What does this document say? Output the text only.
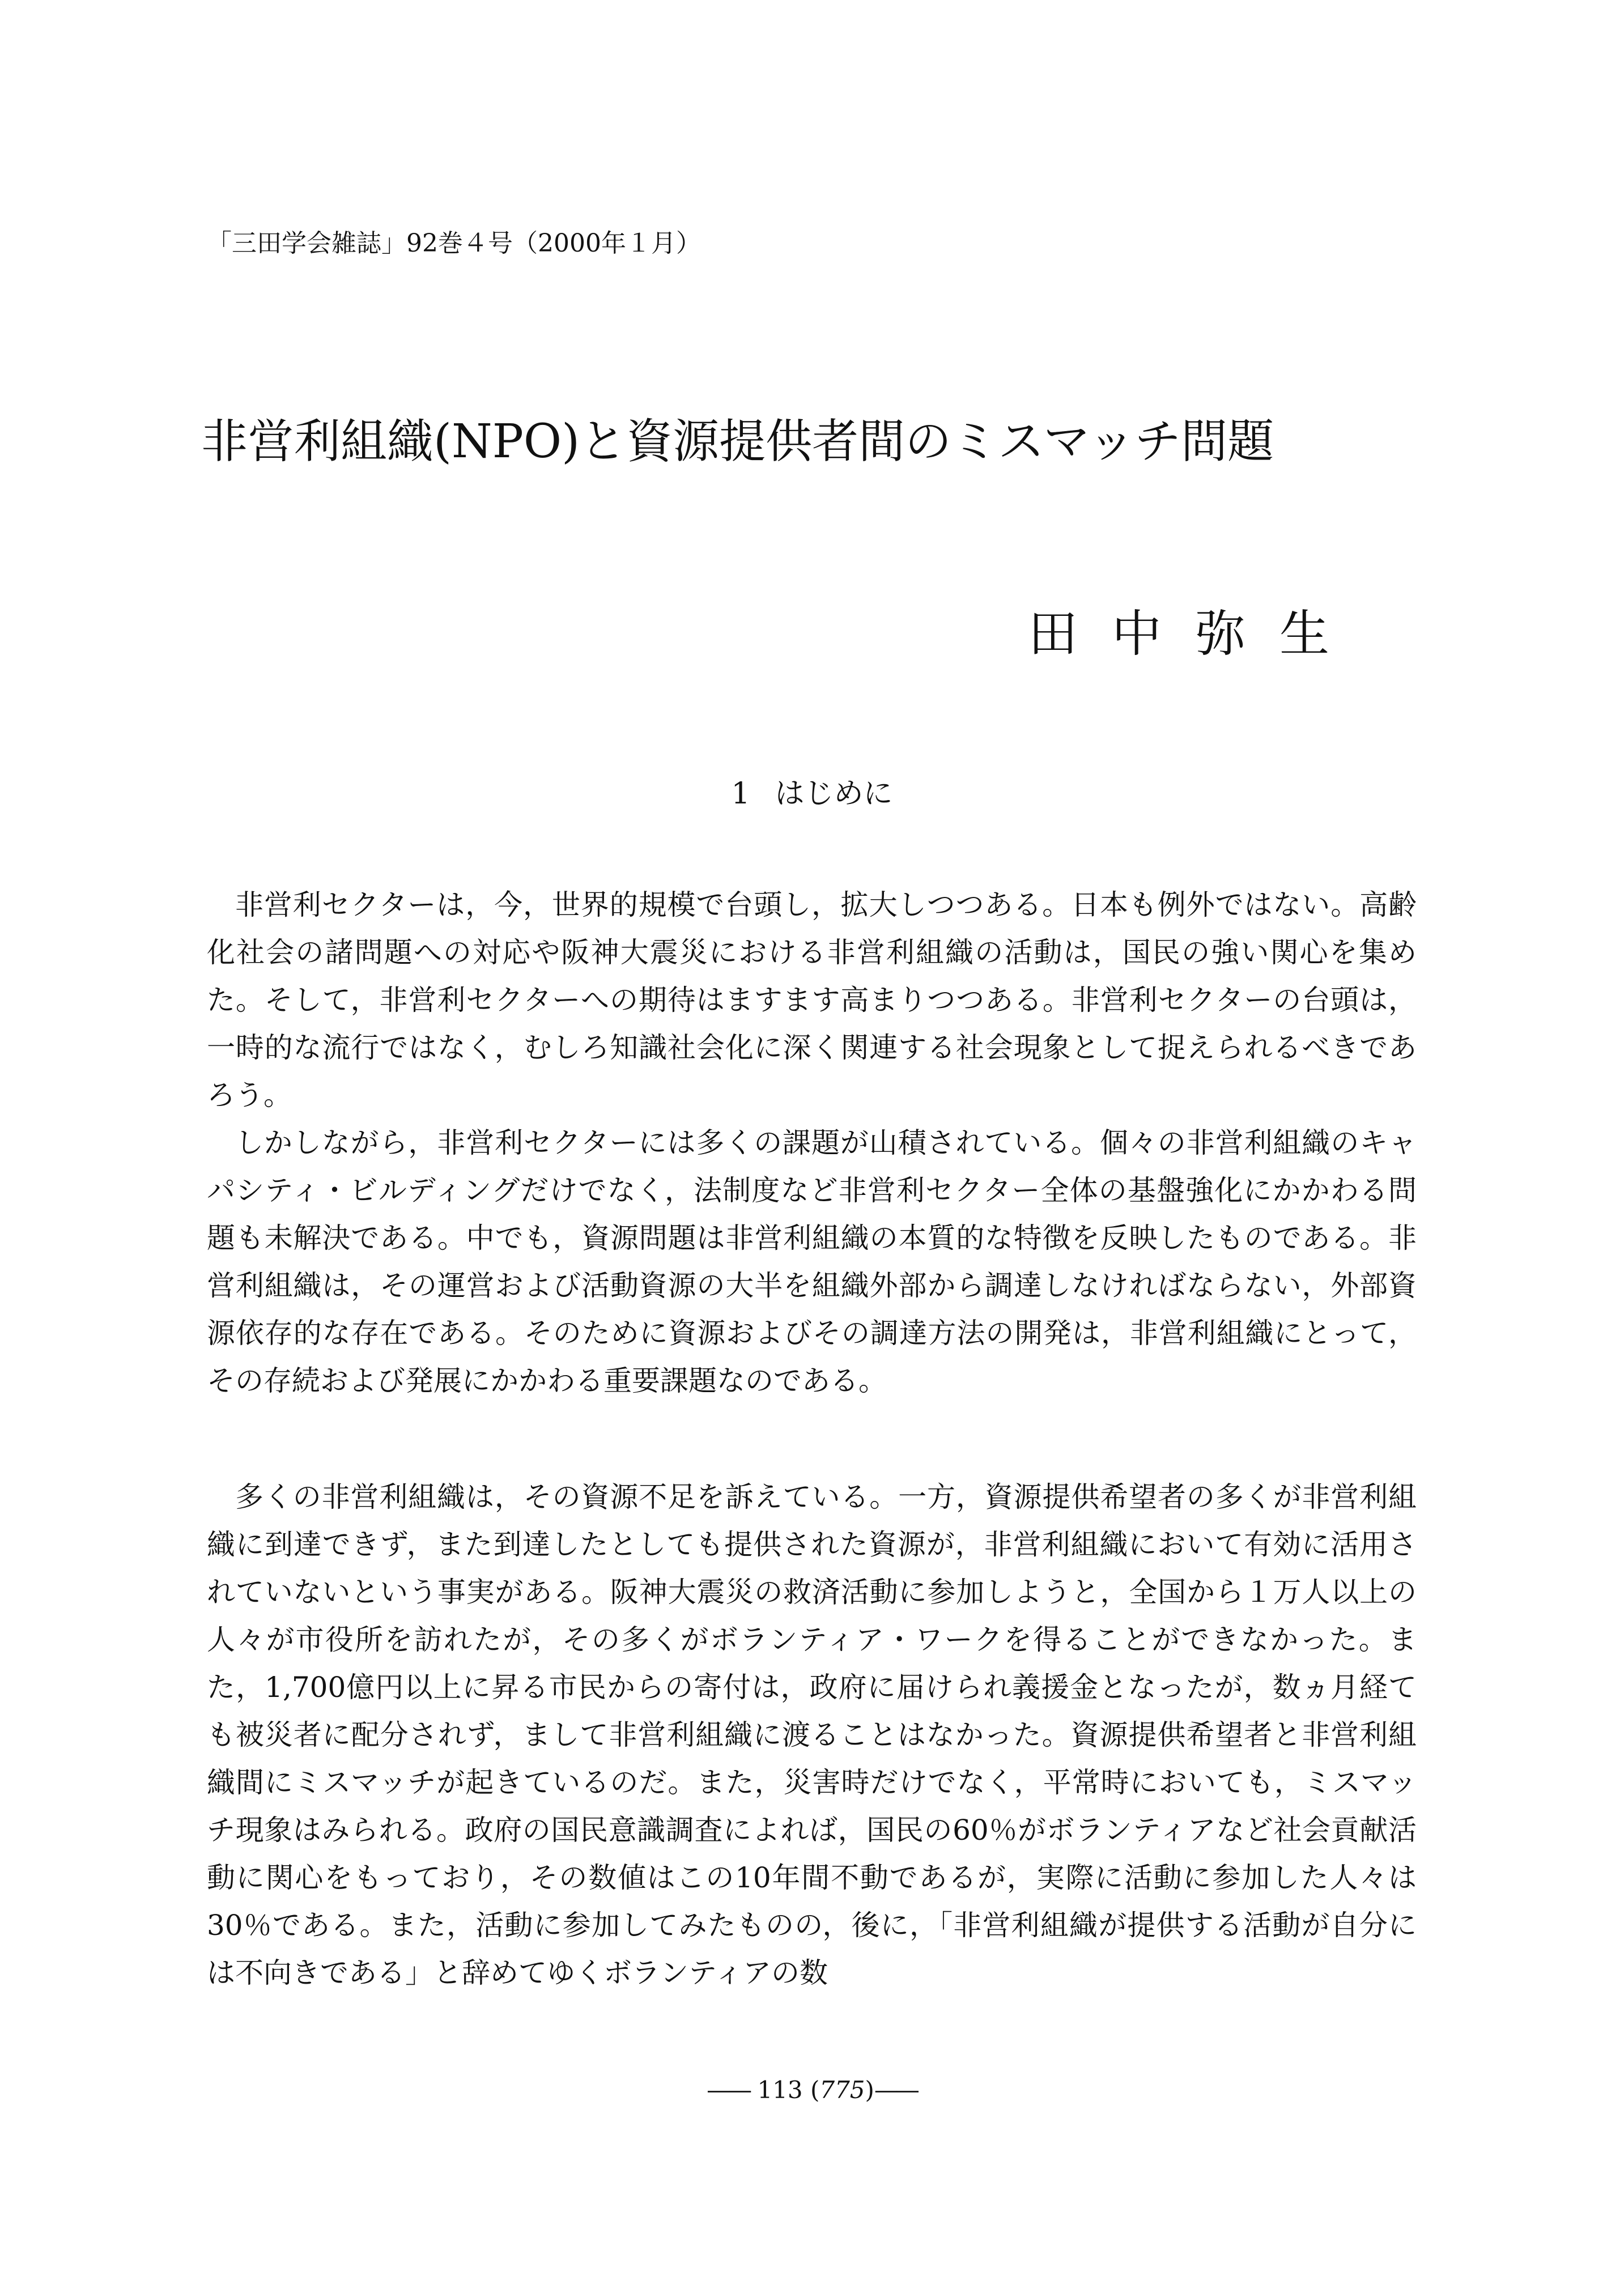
「三田学会雑誌」92巻４号（2000年１月）
非営利組織(NPO)と資源提供者間のミスマッチ問題
田中弥生
1 はじめに

非営利セクターは，今，世界的規模で台頭し，拡大しつつある。日本も例外ではない。高齢化社会の諸問題への対応や阪神大震災における非営利組織の活動は，国民の強い関心を集めた。そして，非営利セクターへの期待はますます高まりつつある。非営利セクターの台頭は，一時的な流行ではなく，むしろ知識社会化に深く関連する社会現象として捉えられるべきであろう。

しかしながら，非営利セクターには多くの課題が山積されている。個々の非営利組織のキャパシティ・ビルディングだけでなく，法制度など非営利セクター全体の基盤強化にかかわる問題も未解決である。中でも，資源問題は非営利組織の本質的な特徴を反映したものである。非営利組織は，その運営および活動資源の大半を組織外部から調達しなければならない，外部資源依存的な存在である。そのために資源およびその調達方法の開発は，非営利組織にとって，その存続および発展にかかわる重要課題なのである。

多くの非営利組織は，その資源不足を訴えている。一方，資源提供希望者の多くが非営利組織に到達できず，また到達したとしても提供された資源が，非営利組織において有効に活用されていないという事実がある。阪神大震災の救済活動に参加しようと，全国から１万人以上の人々が市役所を訪れたが，その多くがボランティア・ワークを得ることができなかった。また，1,700億円以上に昇る市民からの寄付は，政府に届けられ義援金となったが，数ヵ月経ても被災者に配分されず，まして非営利組織に渡ることはなかった。資源提供希望者と非営利組織間にミスマッチが起きているのだ。また，災害時だけでなく，平常時においても，ミスマッチ現象はみられる。政府の国民意識調査によれば，国民の60％がボランティアなど社会貢献活動に関心をもっており，その数値はこの10年間不動であるが，実際に活動に参加した人々は30％である。また，活動に参加してみたものの，後に，「非営利組織が提供する活動が自分には不向きである」と辞めてゆくボランティアの数

—— 113 (775)——
